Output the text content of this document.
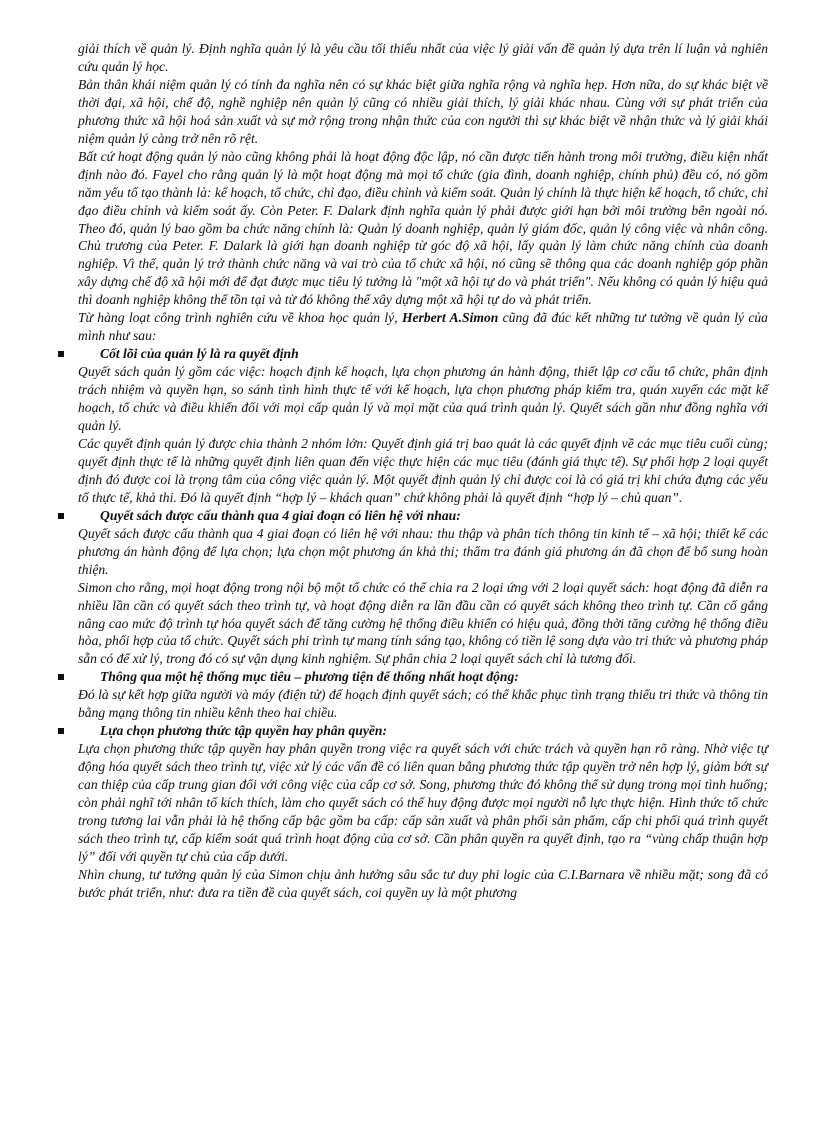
giải thích về quản lý. Định nghĩa quản lý là yêu cầu tối thiểu nhất của việc lý giải vấn đề quản lý dựa trên lí luận và nghiên cứu quản lý học.

Bản thân khái niệm quản lý có tính đa nghĩa nên có sự khác biệt giữa nghĩa rộng và nghĩa hẹp. Hơn nữa, do sự khác biệt về thời đại, xã hội, chế độ, nghề nghiệp nên quản lý cũng có nhiều giải thích, lý giải khác nhau. Cùng với sự phát triển của phương thức xã hội hoá sản xuất và sự mở rộng trong nhận thức của con người thì sự khác biệt về nhận thức và lý giải khái niệm quản lý càng trở nên rõ rệt.

Bất cứ hoạt động quản lý nào cũng không phải là hoạt động độc lập, nó cần được tiến hành trong môi trường, điều kiện nhất định nào đó. Fayel cho rằng quản lý là một hoạt động mà mọi tổ chức (gia đình, doanh nghiệp, chính phủ) đều có, nó gồm năm yếu tố tạo thành là: kế hoạch, tổ chức, chỉ đạo, điều chỉnh và kiểm soát. Quản lý chính là thực hiện kế hoạch, tổ chức, chỉ đạo điều chỉnh và kiểm soát ấy. Còn Peter. F. Dalark định nghĩa quản lý phải được giới hạn bởi môi trường bên ngoài nó. Theo đó, quản lý bao gồm ba chức năng chính là: Quản lý doanh nghiệp, quản lý giám đốc, quản lý công việc và nhân công. Chủ trương của Peter. F. Dalark là giới hạn doanh nghiệp từ góc độ xã hội, lấy quản lý làm chức năng chính của doanh nghiệp. Vì thế, quản lý trở thành chức năng và vai trò của tổ chức xã hội, nó cũng sẽ thông qua các doanh nghiệp góp phần xây dựng chế độ xã hội mới để đạt được mục tiêu lý tưởng là "một xã hội tự do và phát triển". Nếu không có quản lý hiệu quả thì doanh nghiệp không thể tồn tại và từ đó không thể xây dựng một xã hội tự do và phát triển.

Từ hàng loạt công trình nghiên cứu về khoa học quản lý, Herbert A.Simon cũng đã đúc kết những tư tưởng về quản lý của mình như sau:

Cốt lõi của quản lý là ra quyết định

Quyết sách quản lý gồm các việc: hoạch định kế hoạch, lựa chọn phương án hành động, thiết lập cơ cấu tổ chức, phân định trách nhiệm và quyền hạn, so sánh tình hình thực tế với kế hoạch, lựa chọn phương pháp kiểm tra, quán xuyến các mặt kế hoạch, tổ chức và điều khiển đối với mọi cấp quản lý và mọi mặt của quá trình quản lý. Quyết sách gần như đồng nghĩa với quản lý.

Các quyết định quản lý được chia thành 2 nhóm lớn: Quyết định giá trị bao quát là các quyết định về các mục tiêu cuối cùng; quyết định thực tế là những quyết định liên quan đến việc thực hiện các mục tiêu (đánh giá thực tế). Sự phối hợp 2 loại quyết định đó được coi là trọng tâm của công việc quản lý. Một quyết định quản lý chỉ được coi là có giá trị khi chứa đựng các yếu tố thực tế, khả thi. Đó là quyết định “hợp lý – khách quan” chứ không phải là quyết định “hợp lý – chủ quan”.

Quyết sách được cấu thành qua 4 giai đoạn có liên hệ với nhau:

Quyết sách được cấu thành qua 4 giai đoạn có liên hệ với nhau: thu thập và phân tích thông tin kinh tế – xã hội; thiết kế các phương án hành động để lựa chọn; lựa chọn một phương án khả thi; thẩm tra đánh giá phương án đã chọn để bổ sung hoàn thiện.

Simon cho rằng, mọi hoạt động trong nội bộ một tổ chức có thể chia ra 2 loại ứng với 2 loại quyết sách: hoạt động đã diễn ra nhiều lần cần có quyết sách theo trình tự, và hoạt động diễn ra lần đầu cần có quyết sách không theo trình tự. Cần cố gắng nâng cao mức độ trình tự hóa quyết sách để tăng cường hệ thống điều khiển có hiệu quả, đồng thời tăng cường hệ thống điều hòa, phối hợp của tổ chức. Quyết sách phi trình tự mang tính sáng tạo, không có tiền lệ song dựa vào tri thức và phương pháp sẵn có để xử lý, trong đó có sự vận dụng kinh nghiệm. Sự phân chia 2 loại quyết sách chỉ là tương đối.

Thông qua một hệ thống mục tiêu – phương tiện để thống nhất hoạt động:

Đó là sự kết hợp giữa người và máy (điện tử) để hoạch định quyết sách; có thể khắc phục tình trạng thiếu tri thức và thông tin bằng mạng thông tin nhiều kênh theo hai chiều.

Lựa chọn phương thức tập quyền hay phân quyền:

Lựa chọn phương thức tập quyền hay phân quyền trong việc ra quyết sách với chức trách và quyền hạn rõ ràng. Nhờ việc tự động hóa quyết sách theo trình tự, việc xử lý các vấn đề có liên quan bằng phương thức tập quyền trở nên hợp lý, giảm bớt sự can thiệp của cấp trung gian đối với công việc của cấp cơ sở. Song, phương thức đó không thể sử dụng trong mọi tình huống; còn phải nghĩ tới nhân tố kích thích, làm cho quyết sách có thể huy động được mọi người nỗ lực thực hiện. Hình thức tổ chức trong tương lai vẫn phải là hệ thống cấp bậc gồm ba cấp: cấp sản xuất và phân phối sản phẩm, cấp chi phối quá trình quyết sách theo trình tự, cấp kiểm soát quá trình hoạt động của cơ sở. Cần phân quyền ra quyết định, tạo ra “vùng chấp thuận hợp lý” đối với quyền tự chủ của cấp dưới.

Nhìn chung, tư tưởng quản lý của Simon chịu ảnh hưởng sâu sắc tư duy phi logic của C.I.Barnara về nhiều mặt; song đã có bước phát triển, như: đưa ra tiền đề của quyết sách, coi quyền uy là một phương
